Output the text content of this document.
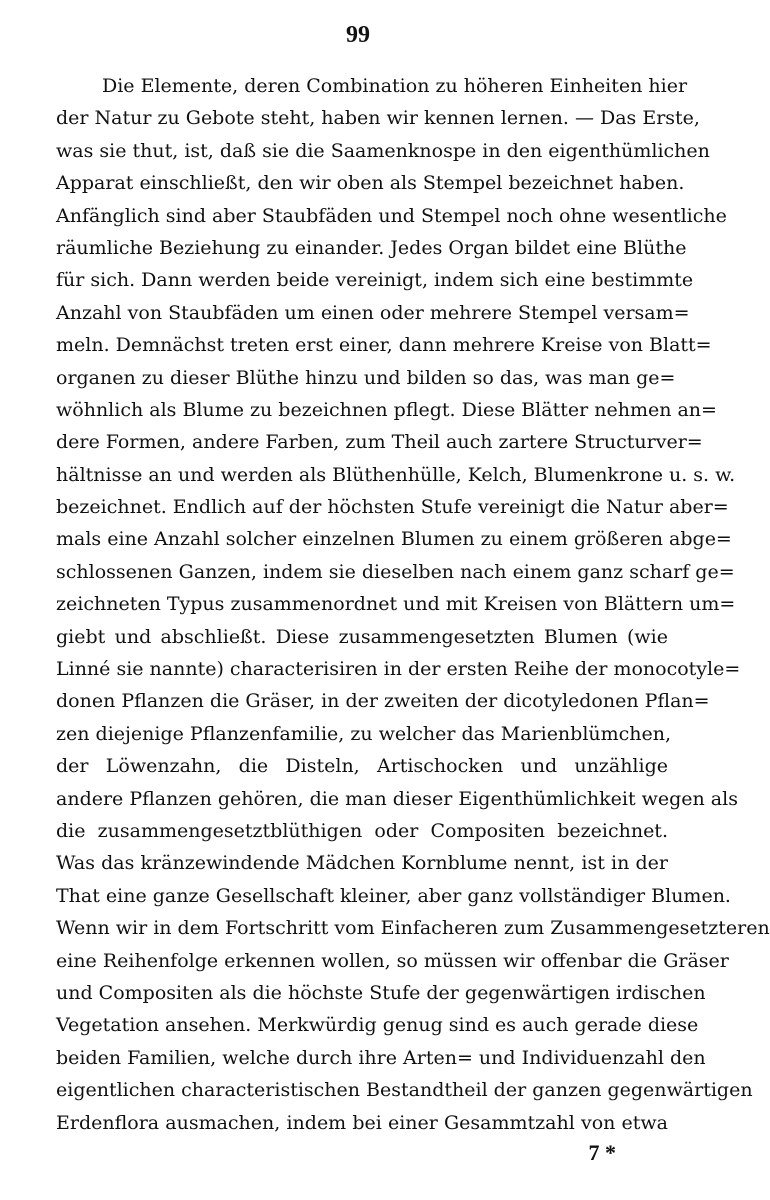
99
Die Elemente, deren Combination zu höheren Einheiten hier
der Natur zu Gebote steht, haben wir kennen lernen. — Das Erste,
was sie thut, ist, daß sie die Saamenknospe in den eigenthümlichen
Apparat einschließt, den wir oben als Stempel bezeichnet haben.
Anfänglich sind aber Staubfäden und Stempel noch ohne wesentliche
räumliche Beziehung zu einander. Jedes Organ bildet eine Blüthe
für sich. Dann werden beide vereinigt, indem sich eine bestimmte
Anzahl von Staubfäden um einen oder mehrere Stempel versam=
meln. Demnächst treten erst einer, dann mehrere Kreise von Blatt=
organen zu dieser Blüthe hinzu und bilden so das, was man ge=
wöhnlich als Blume zu bezeichnen pflegt. Diese Blätter nehmen an=
dere Formen, andere Farben, zum Theil auch zartere Structurver=
hältnisse an und werden als Blüthenhülle, Kelch, Blumenkrone u. s. w.
bezeichnet. Endlich auf der höchsten Stufe vereinigt die Natur aber=
mals eine Anzahl solcher einzelnen Blumen zu einem größeren abge=
schlossenen Ganzen, indem sie dieselben nach einem ganz scharf ge=
zeichneten Typus zusammenordnet und mit Kreisen von Blättern um=
giebt und abschließt. Diese zusammengesetzten Blumen (wie
Linné sie nannte) characterisiren in der ersten Reihe der monocotyle=
donen Pflanzen die Gräser, in der zweiten der dicotyledonen Pflan=
zen diejenige Pflanzenfamilie, zu welcher das Marienblümchen,
der Löwenzahn, die Disteln, Artischocken und unzählige
andere Pflanzen gehören, die man dieser Eigenthümlichkeit wegen als
die zusammengesetztblüthigen oder Compositen bezeichnet.
Was das kränzewindende Mädchen Kornblume nennt, ist in der
That eine ganze Gesellschaft kleiner, aber ganz vollständiger Blumen.
Wenn wir in dem Fortschritt vom Einfacheren zum Zusammengesetzteren
eine Reihenfolge erkennen wollen, so müssen wir offenbar die Gräser
und Compositen als die höchste Stufe der gegenwärtigen irdischen
Vegetation ansehen. Merkwürdig genug sind es auch gerade diese
beiden Familien, welche durch ihre Arten= und Individuenzahl den
eigentlichen characteristischen Bestandtheil der ganzen gegenwärtigen
Erdenflora ausmachen, indem bei einer Gesammtzahl von etwa
7 *
